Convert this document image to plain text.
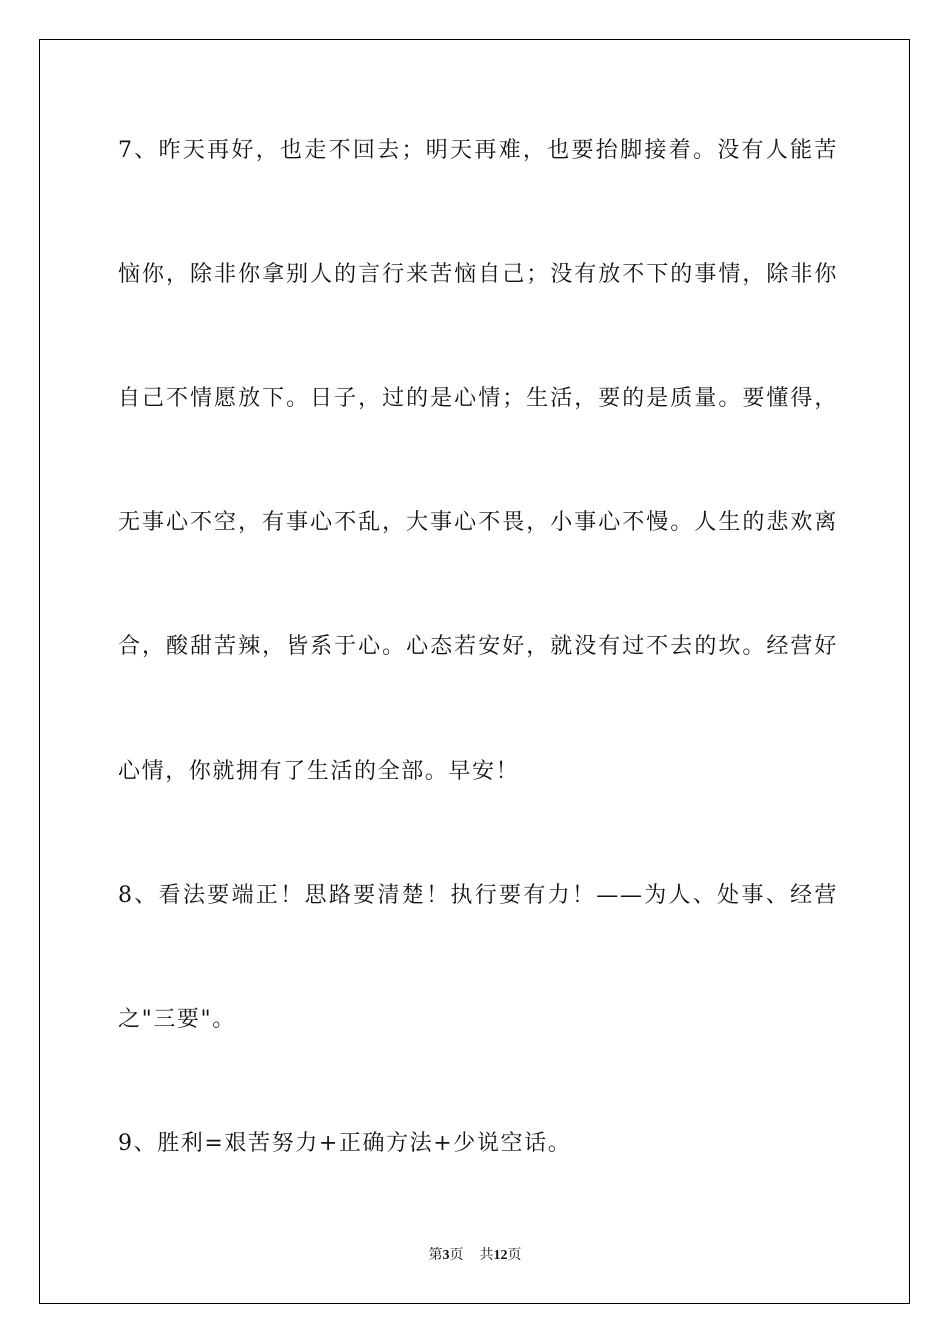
7、昨天再好，也走不回去；明天再难，也要抬脚接着。没有人能苦
恼你，除非你拿别人的言行来苦恼自己；没有放不下的事情，除非你
自己不情愿放下。日子，过的是心情；生活，要的是质量。要懂得，
无事心不空，有事心不乱，大事心不畏，小事心不慢。人生的悲欢离
合，酸甜苦辣，皆系于心。心态若安好，就没有过不去的坎。经营好
心情，你就拥有了生活的全部。早安！
8、看法要端正！思路要清楚！执行要有力！——为人、处事、经营
之"三要"。
9、胜利=艰苦努力+正确方法+少说空话。
第3页 共12页
